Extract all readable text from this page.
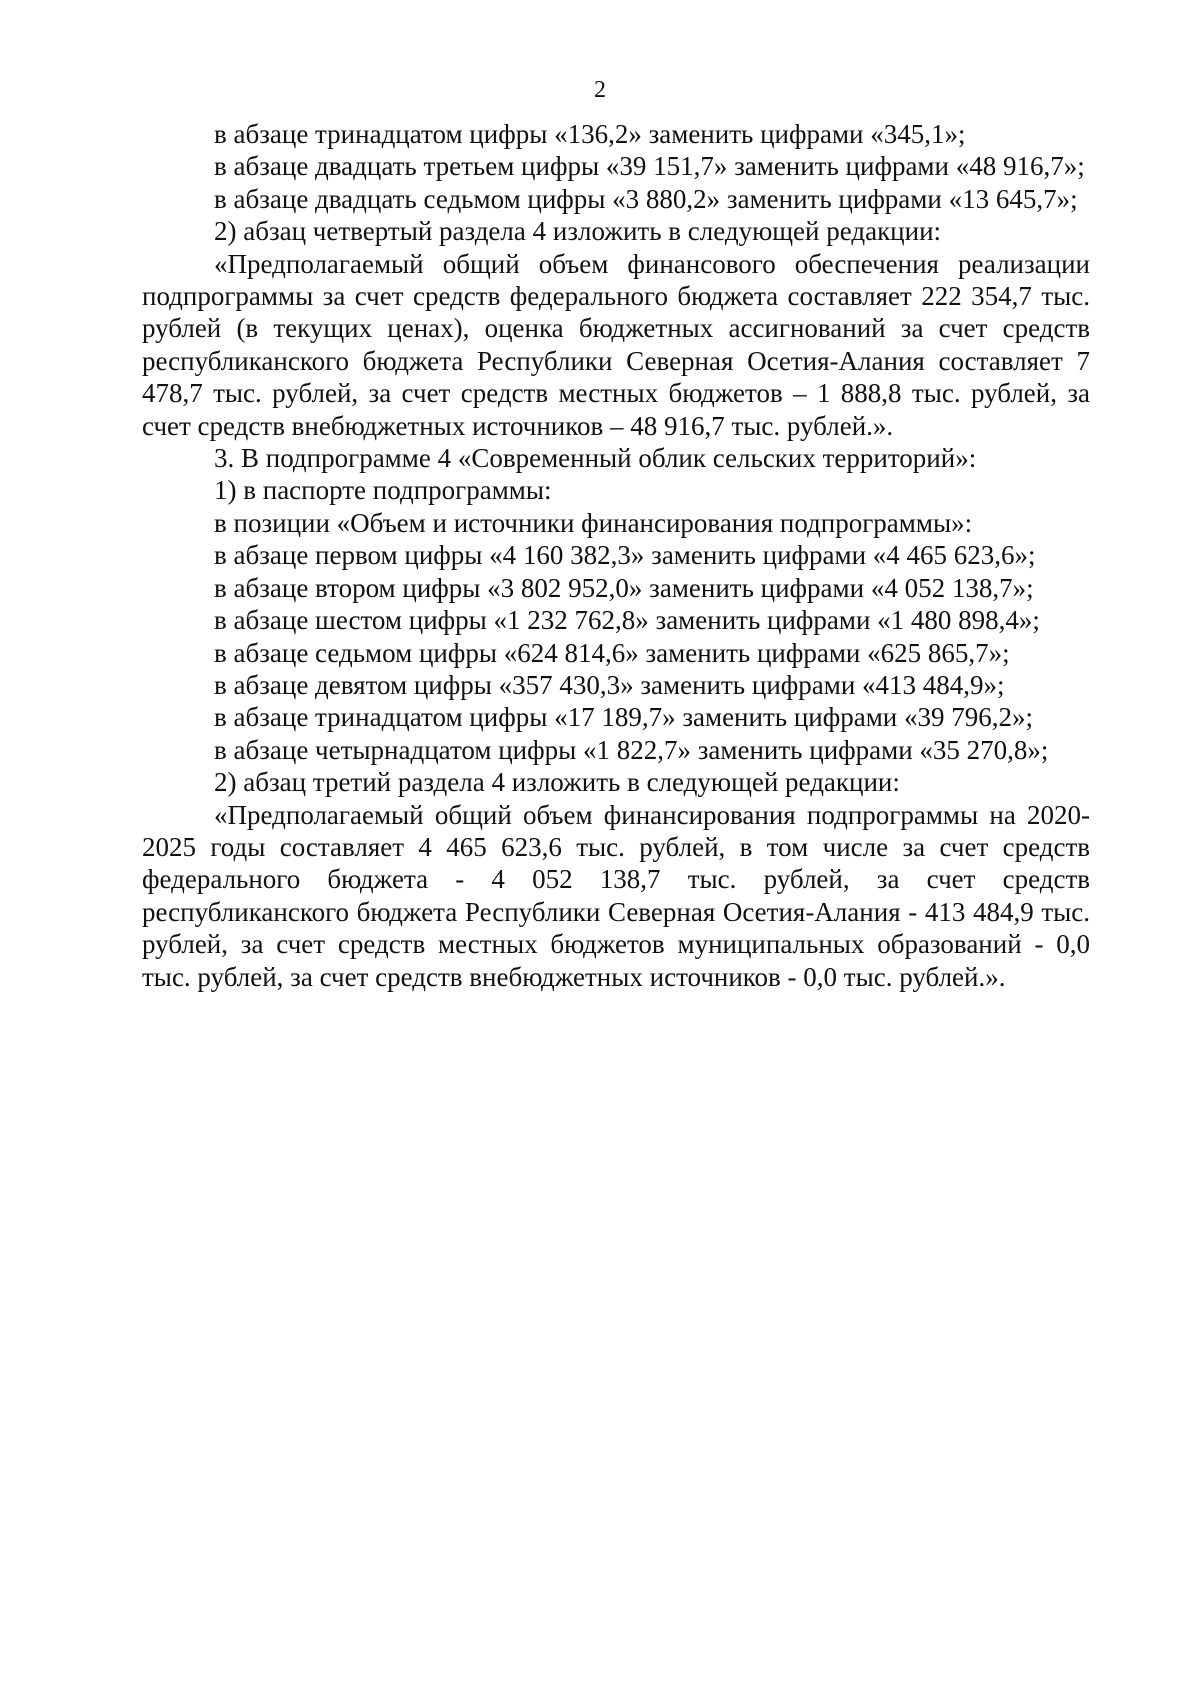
2

в абзаце тринадцатом цифры «136,2» заменить цифрами «345,1»;

в абзаце двадцать третьем цифры «39 151,7» заменить цифрами «48 916,7»;

в абзаце двадцать седьмом цифры «3 880,2» заменить цифрами «13 645,7»;

2) абзац четвертый раздела 4 изложить в следующей редакции:

«Предполагаемый общий объем финансового обеспечения реализации подпрограммы за счет средств федерального бюджета составляет 222 354,7 тыс. рублей (в текущих ценах), оценка бюджетных ассигнований за счет средств республиканского бюджета Республики Северная Осетия-Алания составляет 7 478,7 тыс. рублей, за счет средств местных бюджетов – 1 888,8 тыс. рублей, за счет средств внебюджетных источников – 48 916,7 тыс. рублей.».

3. В подпрограмме 4 «Современный облик сельских территорий»:

1) в паспорте подпрограммы:

в позиции «Объем и источники финансирования подпрограммы»:

в абзаце первом цифры «4 160 382,3» заменить цифрами «4 465 623,6»;

в абзаце втором цифры «3 802 952,0» заменить цифрами «4 052 138,7»;

в абзаце шестом цифры «1 232 762,8» заменить цифрами «1 480 898,4»;

в абзаце седьмом цифры «624 814,6» заменить цифрами «625 865,7»;

в абзаце девятом цифры «357 430,3» заменить цифрами «413 484,9»;

в абзаце тринадцатом цифры «17 189,7» заменить цифрами «39 796,2»;

в абзаце четырнадцатом цифры «1 822,7» заменить цифрами «35 270,8»;

2) абзац третий раздела 4 изложить в следующей редакции:

«Предполагаемый общий объем финансирования подпрограммы на 2020-2025 годы составляет 4 465 623,6 тыс. рублей, в том числе за счет средств федерального бюджета - 4 052 138,7 тыс. рублей, за счет средств республиканского бюджета Республики Северная Осетия-Алания - 413 484,9 тыс. рублей, за счет средств местных бюджетов муниципальных образований - 0,0 тыс. рублей, за счет средств внебюджетных источников - 0,0 тыс. рублей.».
